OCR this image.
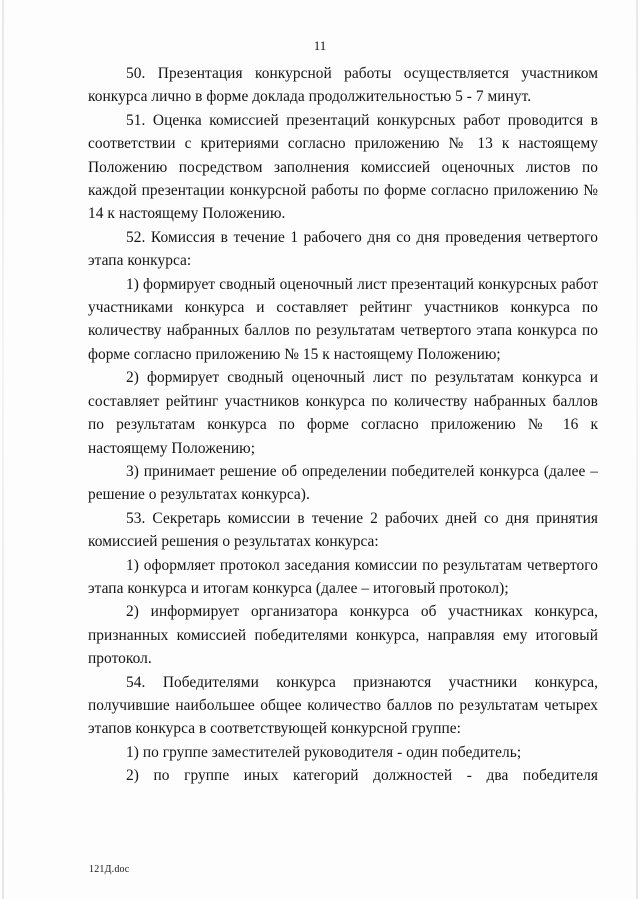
11

50. Презентация конкурсной работы осуществляется участником конкурса лично в форме доклада продолжительностью 5 - 7 минут.

51. Оценка комиссией презентаций конкурсных работ проводится в соответствии с критериями согласно приложению № 13 к настоящему Положению посредством заполнения комиссией оценочных листов по каждой презентации конкурсной работы по форме согласно приложению № 14 к настоящему Положению.

52. Комиссия в течение 1 рабочего дня со дня проведения четвертого этапа конкурса:

1) формирует сводный оценочный лист презентаций конкурсных работ участниками конкурса и составляет рейтинг участников конкурса по количеству набранных баллов по результатам четвертого этапа конкурса по форме согласно приложению № 15 к настоящему Положению;

2) формирует сводный оценочный лист по результатам конкурса и составляет рейтинг участников конкурса по количеству набранных баллов по результатам конкурса по форме согласно приложению № 16 к настоящему Положению;

3) принимает решение об определении победителей конкурса (далее – решение о результатах конкурса).

53. Секретарь комиссии в течение 2 рабочих дней со дня принятия комиссией решения о результатах конкурса:

1) оформляет протокол заседания комиссии по результатам четвертого этапа конкурса и итогам конкурса (далее – итоговый протокол);

2) информирует организатора конкурса об участниках конкурса, признанных комиссией победителями конкурса, направляя ему итоговый протокол.

54. Победителями конкурса признаются участники конкурса, получившие наибольшее общее количество баллов по результатам четырех этапов конкурса в соответствующей конкурсной группе:

1) по группе заместителей руководителя - один победитель;

2) по группе иных категорий должностей - два победителя

121Д.doc
